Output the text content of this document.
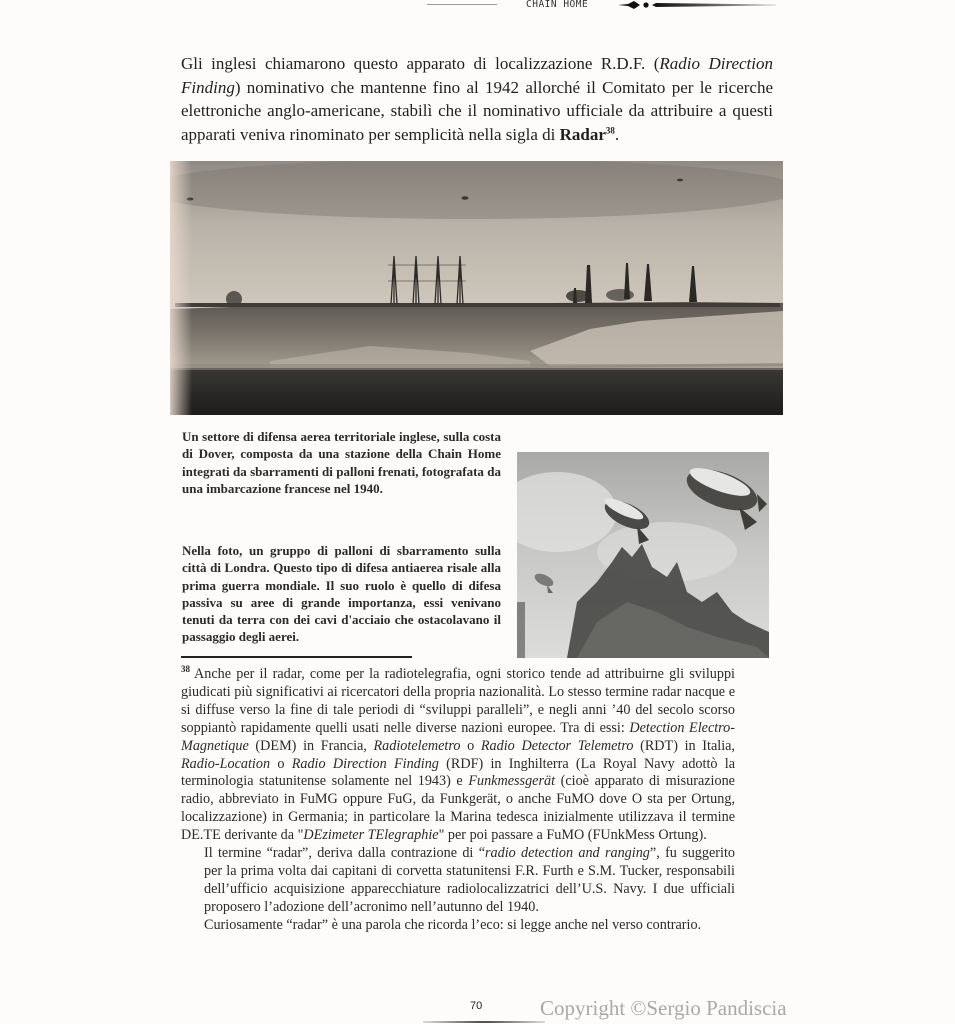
CHAIN HOME
Gli inglesi chiamarono questo apparato di localizzazione R.D.F. (Radio Direction Finding) nominativo che mantenne fino al 1942 allorché il Comitato per le ricerche elettroniche anglo-americane, stabilì che il nominativo ufficiale da attribuire a questi apparati veniva rinominato per semplicità nella sigla di Radar$^{38}$.
Un settore di difensa aerea territoriale inglese, sulla costa di Dover, composta da una stazione della Chain Home integrati da sbarramenti di palloni frenati, fotografata da una imbarcazione francese nel 1940.
Nella foto, un gruppo di palloni di sbarramento sulla città di Londra. Questo tipo di difesa antiaerea risale alla prima guerra mondiale. Il suo ruolo è quello di difesa passiva su aree di grande importanza, essi venivano tenuti da terra con dei cavi d'acciaio che ostacolavano il passaggio degli aerei.

$^{38}$ Anche per il radar, come per la radiotelegrafia, ogni storico tende ad attribuirne gli sviluppi giudicati più significativi ai ricercatori della propria nazionalità. Lo stesso termine radar nacque e si diffuse verso la fine di tale periodi di “sviluppi paralleli”, e negli anni ’40 del secolo scorso soppiantò rapidamente quelli usati nelle diverse nazioni europee. Tra di essi: Detection Electro-Magnetique (DEM) in Francia, Radiotelemetro o Radio Detector Telemetro (RDT) in Italia, Radio-Location o Radio Direction Finding (RDF) in Inghilterra (La Royal Navy adottò la terminologia statunitense solamente nel 1943) e Funkmessgerät (cioè apparato di misurazione radio, abbreviato in FuMG oppure FuG, da Funkgerät, o anche FuMO dove O sta per Ortung, localizzazione) in Germania; in particolare la Marina tedesca inizialmente utilizzava il termine DE.TE derivante da "DEzimeter TElegraphie" per poi passare a FuMO (FUnkMess Ortung).

Il termine “radar”, deriva dalla contrazione di “radio detection and ranging”, fu suggerito per la prima volta dai capitani di corvetta statunitensi F.R. Furth e S.M. Tucker, responsabili dell’ufficio acquisizione apparecchiature radiolocalizzatrici dell’U.S. Navy. I due ufficiali proposero l’adozione dell’acronimo nell’autunno del 1940.

Curiosamente “radar” è una parola che ricorda l’eco: si legge anche nel verso contrario.

70	Copyright ©Sergio Pandiscia
